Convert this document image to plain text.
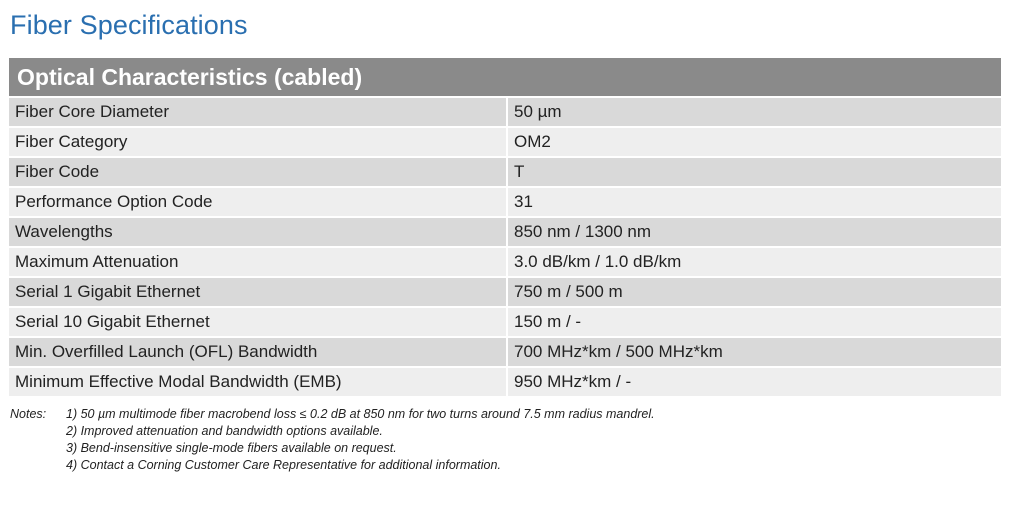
Fiber Specifications
Optical Characteristics (cabled)	
Fiber Core Diameter	50 µm
Fiber Category	OM2
Fiber Code	T
Performance Option Code	31
Wavelengths	850 nm / 1300 nm
Maximum Attenuation	3.0 dB/km / 1.0 dB/km
Serial 1 Gigabit Ethernet	750 m / 500 m
Serial 10 Gigabit Ethernet	150 m / -
Min. Overfilled Launch (OFL) Bandwidth	700 MHz*km / 500 MHz*km
Minimum Effective Modal Bandwidth (EMB)	950 MHz*km / -
Notes: 1) 50 µm multimode fiber macrobend loss ≤ 0.2 dB at 850 nm for two turns around 7.5 mm radius mandrel.
2) Improved attenuation and bandwidth options available.
3) Bend-insensitive single-mode fibers available on request.
4) Contact a Corning Customer Care Representative for additional information.
